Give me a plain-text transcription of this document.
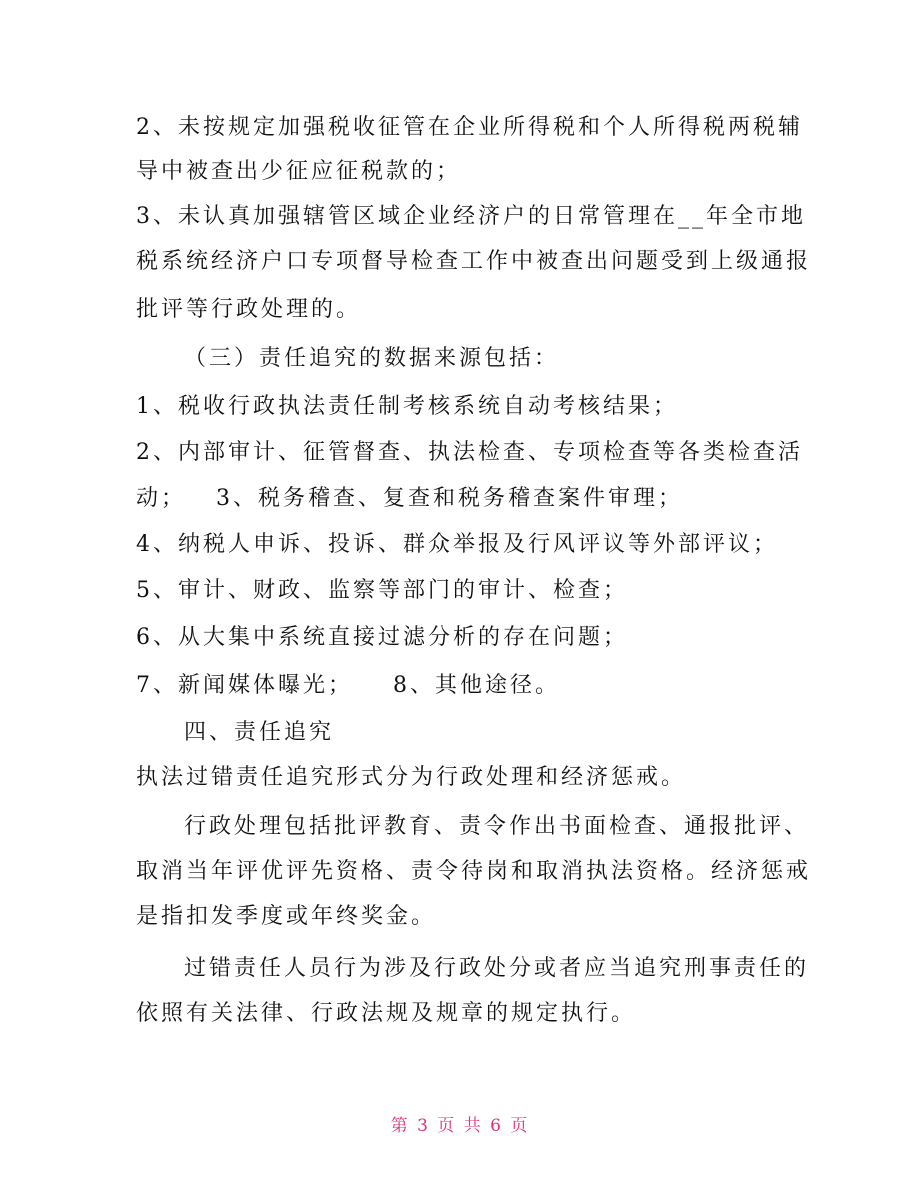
2、未按规定加强税收征管在企业所得税和个人所得税两税辅
导中被查出少征应征税款的；
3、未认真加强辖管区域企业经济户的日常管理在__年全市地
税系统经济户口专项督导检查工作中被查出问题受到上级通报
批评等行政处理的。
（三）责任追究的数据来源包括：
1、税收行政执法责任制考核系统自动考核结果；
2、内部审计、征管督查、执法检查、专项检查等各类检查活
动；   3、税务稽查、复查和税务稽查案件审理；
4、纳税人申诉、投诉、群众举报及行风评议等外部评议；
5、审计、财政、监察等部门的审计、检查；
6、从大集中系统直接过滤分析的存在问题；
7、新闻媒体曝光；    8、其他途径。
四、责任追究
执法过错责任追究形式分为行政处理和经济惩戒。
行政处理包括批评教育、责令作出书面检查、通报批评、
取消当年评优评先资格、责令待岗和取消执法资格。经济惩戒
是指扣发季度或年终奖金。
过错责任人员行为涉及行政处分或者应当追究刑事责任的
依照有关法律、行政法规及规章的规定执行。
第 3 页 共 6 页
